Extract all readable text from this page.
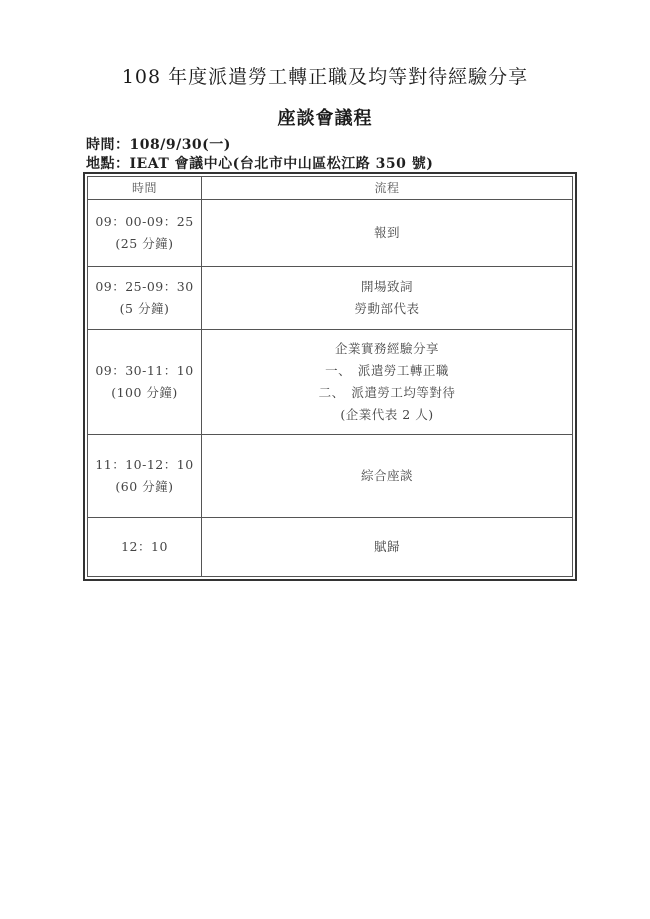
108 年度派遣勞工轉正職及均等對待經驗分享
座談會議程
時間：108/9/30(一)
地點：IEAT 會議中心(台北市中山區松江路 350 號)
時間	流程
09：00-09：25
(25 分鐘)
報到
09：25-09：30
(5 分鐘)
開場致詞
勞動部代表
09：30-11：10
(100 分鐘)
企業實務經驗分享
一、　派遣勞工轉正職
二、　派遣勞工均等對待
(企業代表 2 人)
11：10-12：10
(60 分鐘)
綜合座談
12：10	賦歸
